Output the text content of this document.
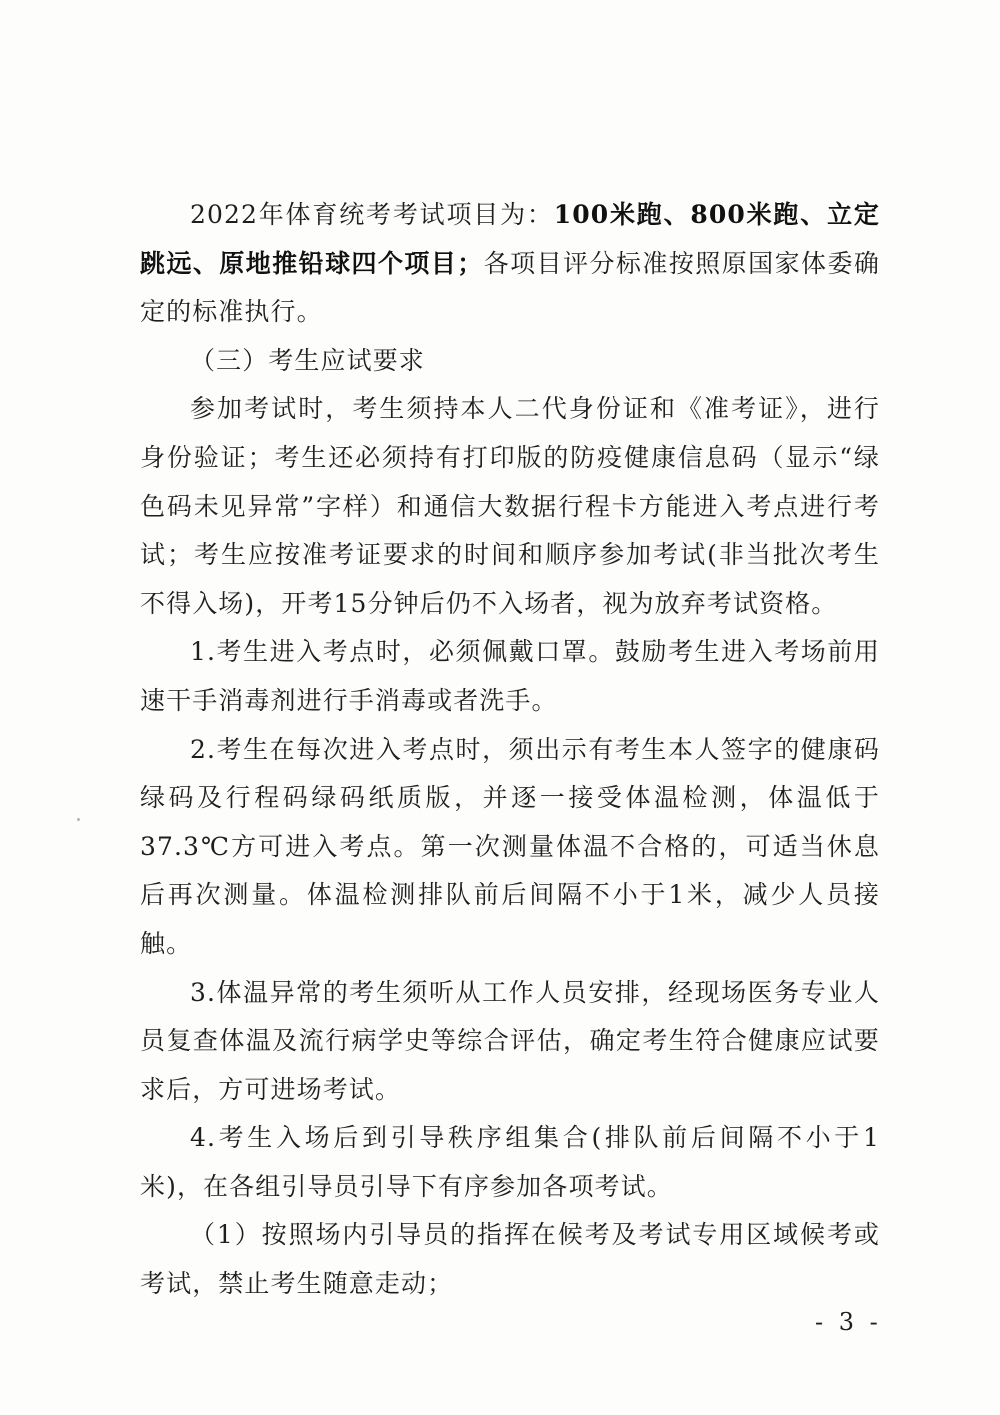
2022年体育统考考试项目为：100米跑、800米跑、立定跳远、原地推铅球四个项目；各项目评分标准按照原国家体委确定的标准执行。

（三）考生应试要求

参加考试时，考生须持本人二代身份证和《准考证》，进行身份验证；考生还必须持有打印版的防疫健康信息码（显示“绿色码未见异常”字样）和通信大数据行程卡方能进入考点进行考试；考生应按准考证要求的时间和顺序参加考试(非当批次考生不得入场)，开考15分钟后仍不入场者，视为放弃考试资格。

1.考生进入考点时，必须佩戴口罩。鼓励考生进入考场前用速干手消毒剂进行手消毒或者洗手。

2.考生在每次进入考点时，须出示有考生本人签字的健康码绿码及行程码绿码纸质版，并逐一接受体温检测，体温低于37.3℃方可进入考点。第一次测量体温不合格的，可适当休息后再次测量。体温检测排队前后间隔不小于1米，减少人员接触。

3.体温异常的考生须听从工作人员安排，经现场医务专业人员复查体温及流行病学史等综合评估，确定考生符合健康应试要求后，方可进场考试。

4.考生入场后到引导秩序组集合(排队前后间隔不小于1米)，在各组引导员引导下有序参加各项考试。

（1）按照场内引导员的指挥在候考及考试专用区域候考或考试，禁止考生随意走动；

- 3 -
